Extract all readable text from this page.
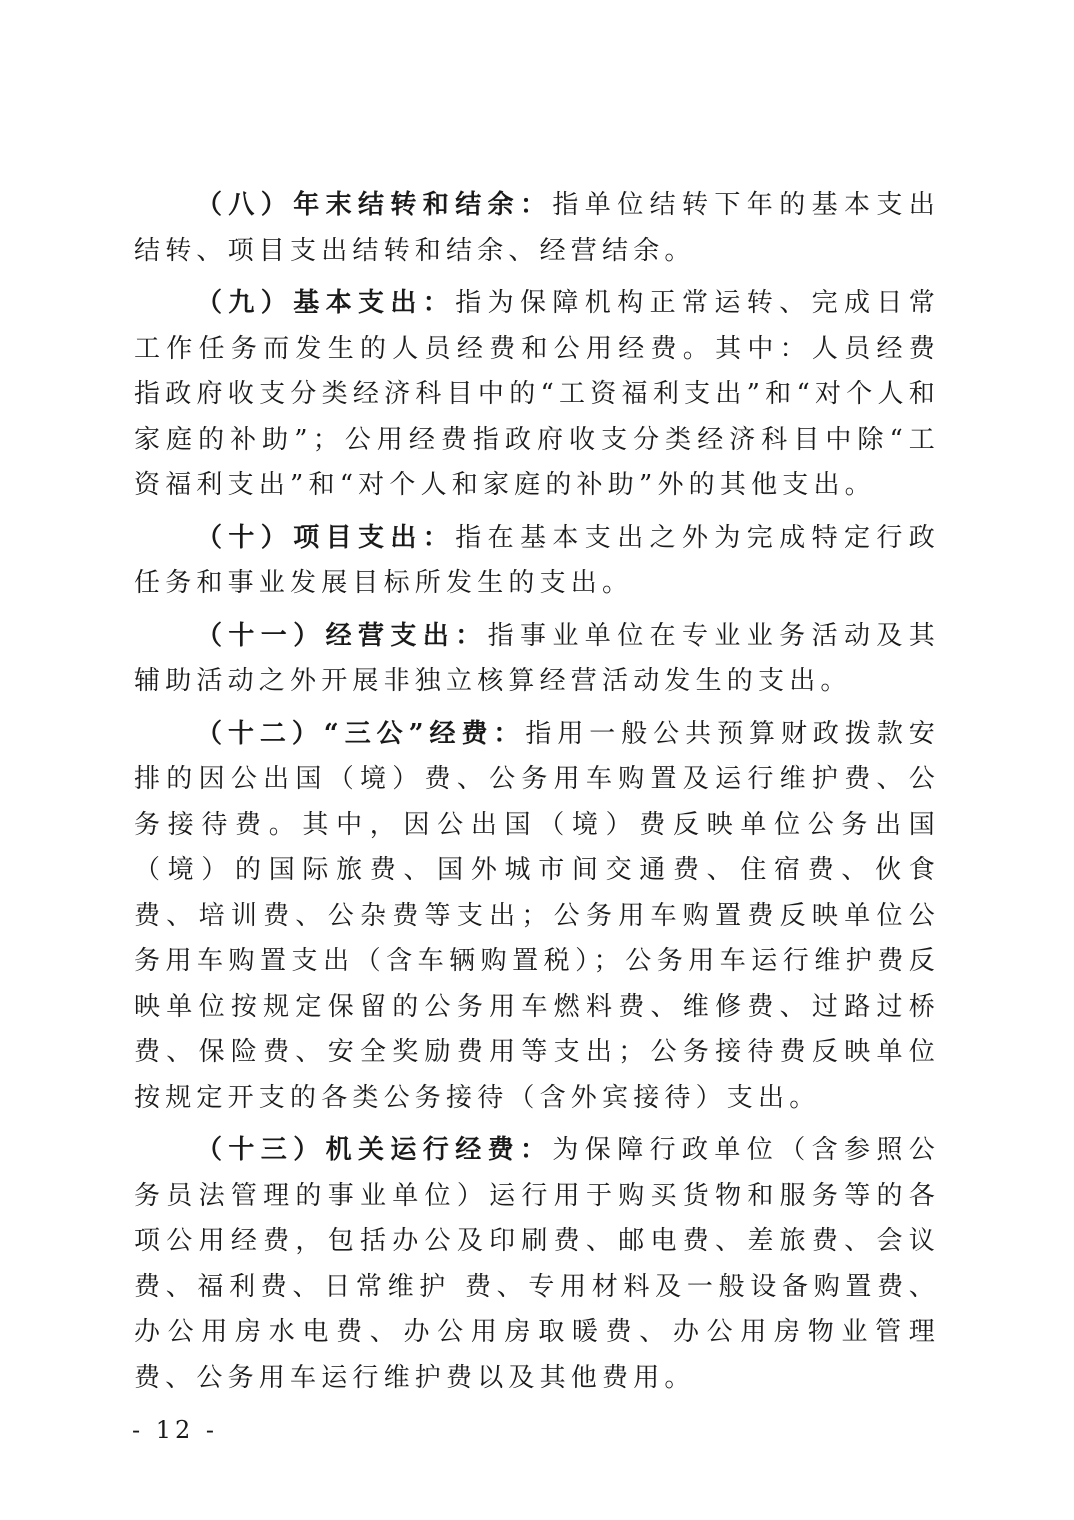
（八）年末结转和结余：指单位结转下年的基本支出结转、项目支出结转和结余、经营结余。

（九）基本支出：指为保障机构正常运转、完成日常工作任务而发生的人员经费和公用经费。其中：人员经费指政府收支分类经济科目中的“工资福利支出”和“对个人和家庭的补助”；公用经费指政府收支分类经济科目中除“工资福利支出”和“对个人和家庭的补助”外的其他支出。

（十）项目支出：指在基本支出之外为完成特定行政任务和事业发展目标所发生的支出。

（十一）经营支出：指事业单位在专业业务活动及其辅助活动之外开展非独立核算经营活动发生的支出。

（十二）“三公”经费：指用一般公共预算财政拨款安排的因公出国（境）费、公务用车购置及运行维护费、公务接待费。其中，因公出国（境）费反映单位公务出国（境）的国际旅费、国外城市间交通费、住宿费、伙食费、培训费、公杂费等支出；公务用车购置费反映单位公务用车购置支出（含车辆购置税）；公务用车运行维护费反映单位按规定保留的公务用车燃料费、维修费、过路过桥费、保险费、安全奖励费用等支出；公务接待费反映单位按规定开支的各类公务接待（含外宾接待）支出。

（十三）机关运行经费：为保障行政单位（含参照公务员法管理的事业单位）运行用于购买货物和服务等的各项公用经费，包括办公及印刷费、邮电费、差旅费、会议费、福利费、日常维护 费、专用材料及一般设备购置费、办公用房水电费、办公用房取暖费、办公用房物业管理费、公务用车运行维护费以及其他费用。

- 12 -
